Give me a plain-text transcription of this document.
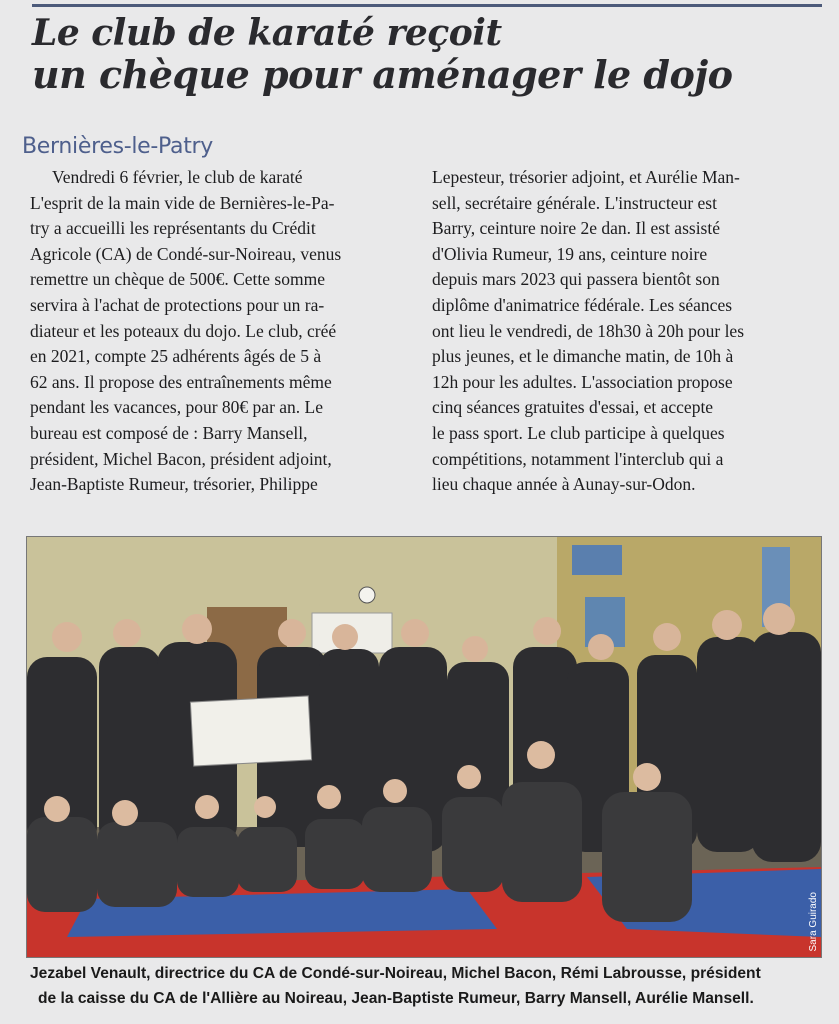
Le club de karaté reçoit
un chèque pour aménager le dojo
Bernières-le-Patry

Vendredi 6 février, le club de karaté

L'esprit de la main vide de Bernières-le-Pa-

try a accueilli les représentants du Crédit

Agricole (CA) de Condé-sur-Noireau, venus

remettre un chèque de 500€. Cette somme

servira à l'achat de protections pour un ra-

diateur et les poteaux du dojo. Le club, créé

en 2021, compte 25 adhérents âgés de 5 à

62 ans. Il propose des entraînements même

pendant les vacances, pour 80€ par an. Le

bureau est composé de : Barry Mansell,

président, Michel Bacon, président adjoint,

Jean-Baptiste Rumeur, trésorier, Philippe

Lepesteur, trésorier adjoint, et Aurélie Man-

sell, secrétaire générale. L'instructeur est

Barry, ceinture noire 2e dan. Il est assisté

d'Olivia Rumeur, 19 ans, ceinture noire

depuis mars 2023 qui passera bientôt son

diplôme d'animatrice fédérale. Les séances

ont lieu le vendredi, de 18h30 à 20h pour les

plus jeunes, et le dimanche matin, de 10h à

12h pour les adultes. L'association propose

cinq séances gratuites d'essai, et accepte

le pass sport. Le club participe à quelques

compétitions, notamment l'interclub qui a

lieu chaque année à Aunay-sur-Odon.

Sara Guirado

Jezabel Venault, directrice du CA de Condé-sur-Noireau, Michel Bacon, Rémi Labrousse, président
de la caisse du CA de l'Allière au Noireau, Jean-Baptiste Rumeur, Barry Mansell, Aurélie Mansell.
